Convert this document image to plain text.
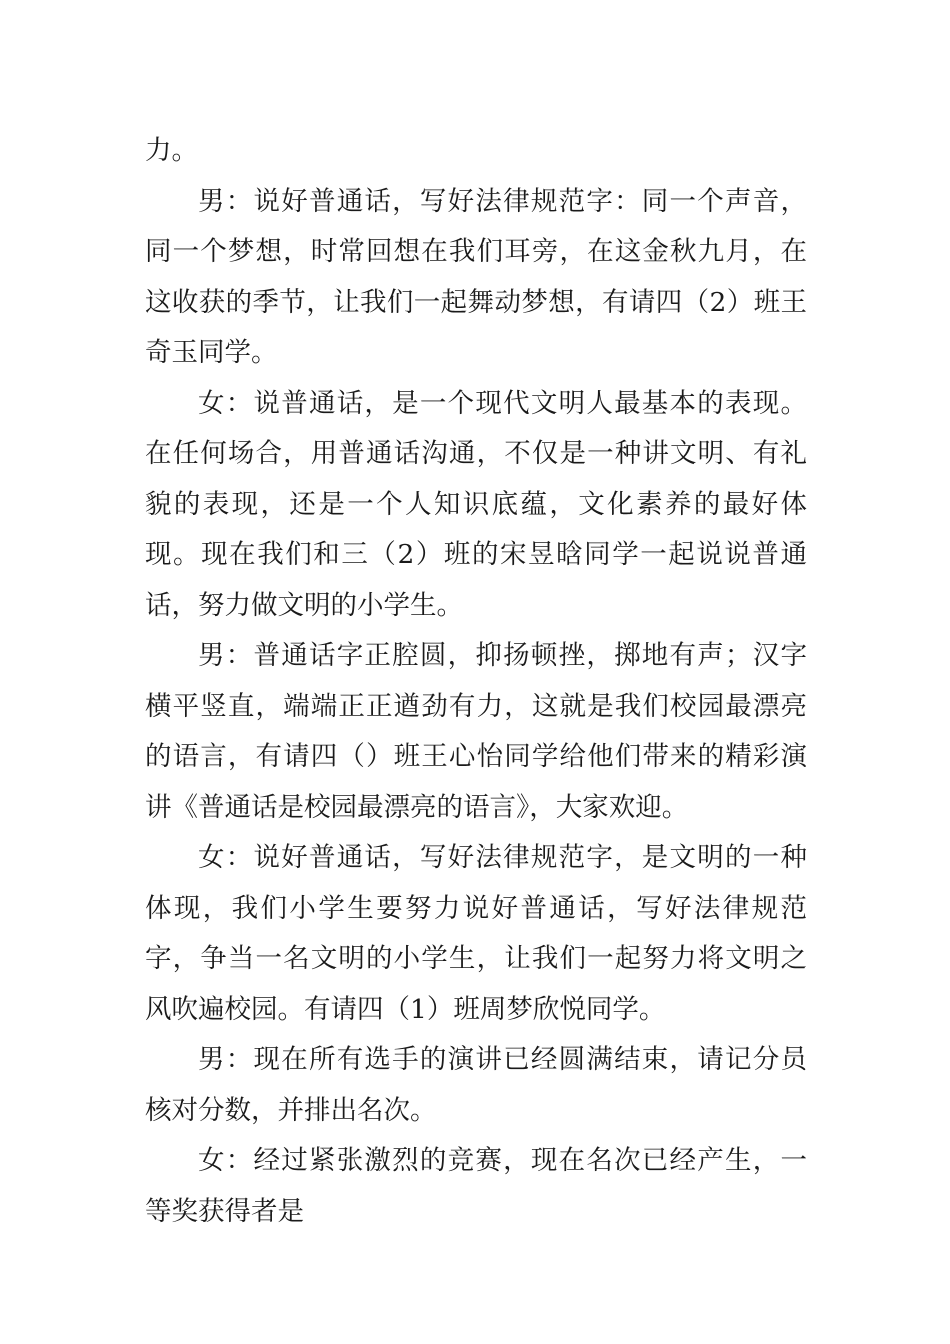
力。

男：说好普通话，写好法律规范字：同一个声音，同一个梦想，时常回想在我们耳旁，在这金秋九月，在这收获的季节，让我们一起舞动梦想，有请四（2）班王奇玉同学。

女：说普通话，是一个现代文明人最基本的表现。在任何场合，用普通话沟通，不仅是一种讲文明、有礼貌的表现，还是一个人知识底蕴，文化素养的最好体现。现在我们和三（2）班的宋昱晗同学一起说说普通话，努力做文明的小学生。

男：普通话字正腔圆，抑扬顿挫，掷地有声；汉字横平竖直，端端正正遒劲有力，这就是我们校园最漂亮的语言，有请四（）班王心怡同学给他们带来的精彩演讲《普通话是校园最漂亮的语言》，大家欢迎。

女：说好普通话，写好法律规范字，是文明的一种体现，我们小学生要努力说好普通话，写好法律规范字，争当一名文明的小学生，让我们一起努力将文明之风吹遍校园。有请四（1）班周梦欣悦同学。

男：现在所有选手的演讲已经圆满结束，请记分员核对分数，并排出名次。

女：经过紧张激烈的竞赛，现在名次已经产生，一等奖获得者是
